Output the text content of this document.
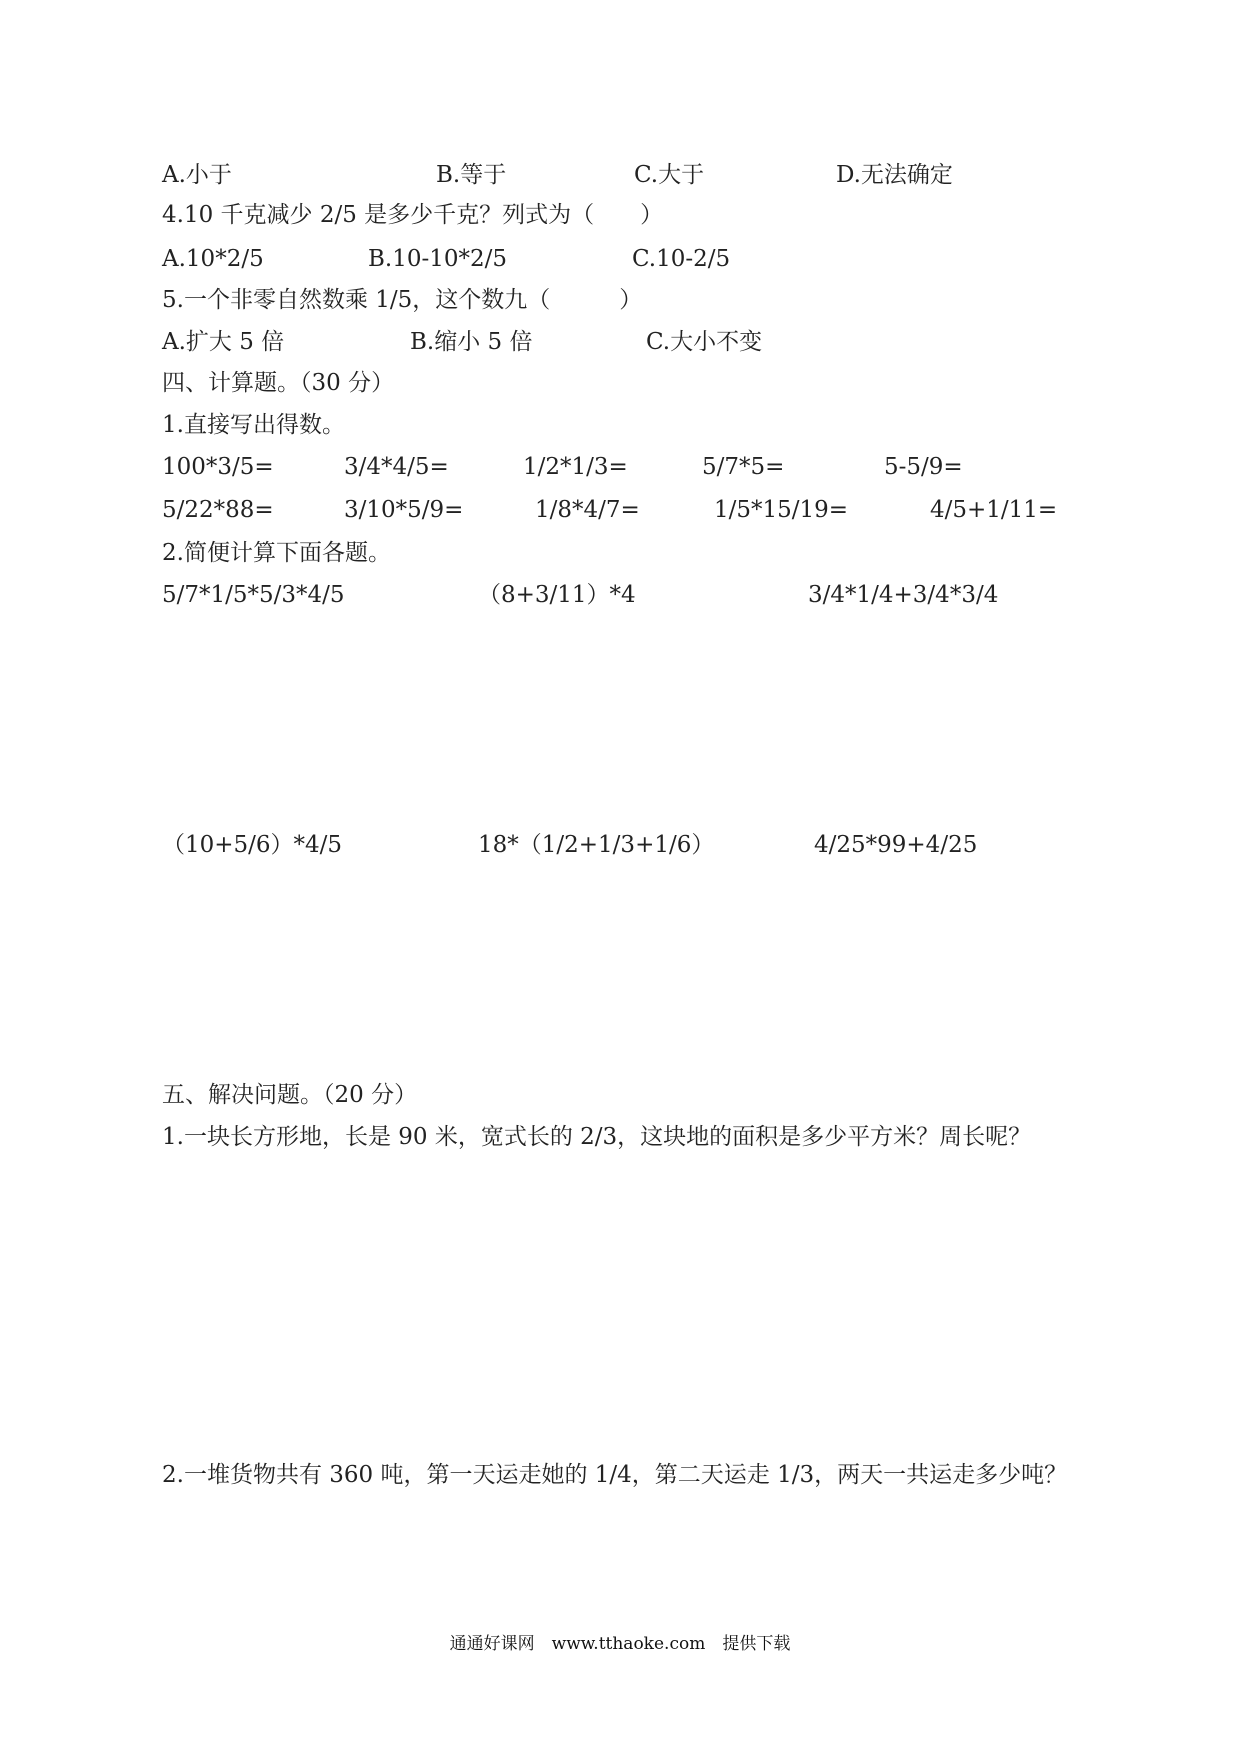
A.小于	B.等于	C.大于	D.无法确定
4.10 千克减少 2/5 是多少千克？列式为（　　）
A.10*2/5	B.10-10*2/5	C.10-2/5
5.一个非零自然数乘 1/5，这个数九（　　　）
A.扩大 5 倍	B.缩小 5 倍	C.大小不变
四、计算题。（30 分）
1.直接写出得数。
100*3/5=	3/4*4/5=	1/2*1/3=	5/7*5=	5-5/9=
5/22*88=	3/10*5/9=	1/8*4/7=	1/5*15/19=	4/5+1/11=
2.简便计算下面各题。
5/7*1/5*5/3*4/5	（8+3/11）*4	3/4*1/4+3/4*3/4
（10+5/6）*4/5	18*（1/2+1/3+1/6）	4/25*99+4/25
五、解决问题。（20 分）
1.一块长方形地，长是 90 米，宽式长的 2/3，这块地的面积是多少平方米？周长呢？
2.一堆货物共有 360 吨，第一天运走她的 1/4，第二天运走 1/3，两天一共运走多少吨？
通通好课网　www.tthaoke.com　提供下载
